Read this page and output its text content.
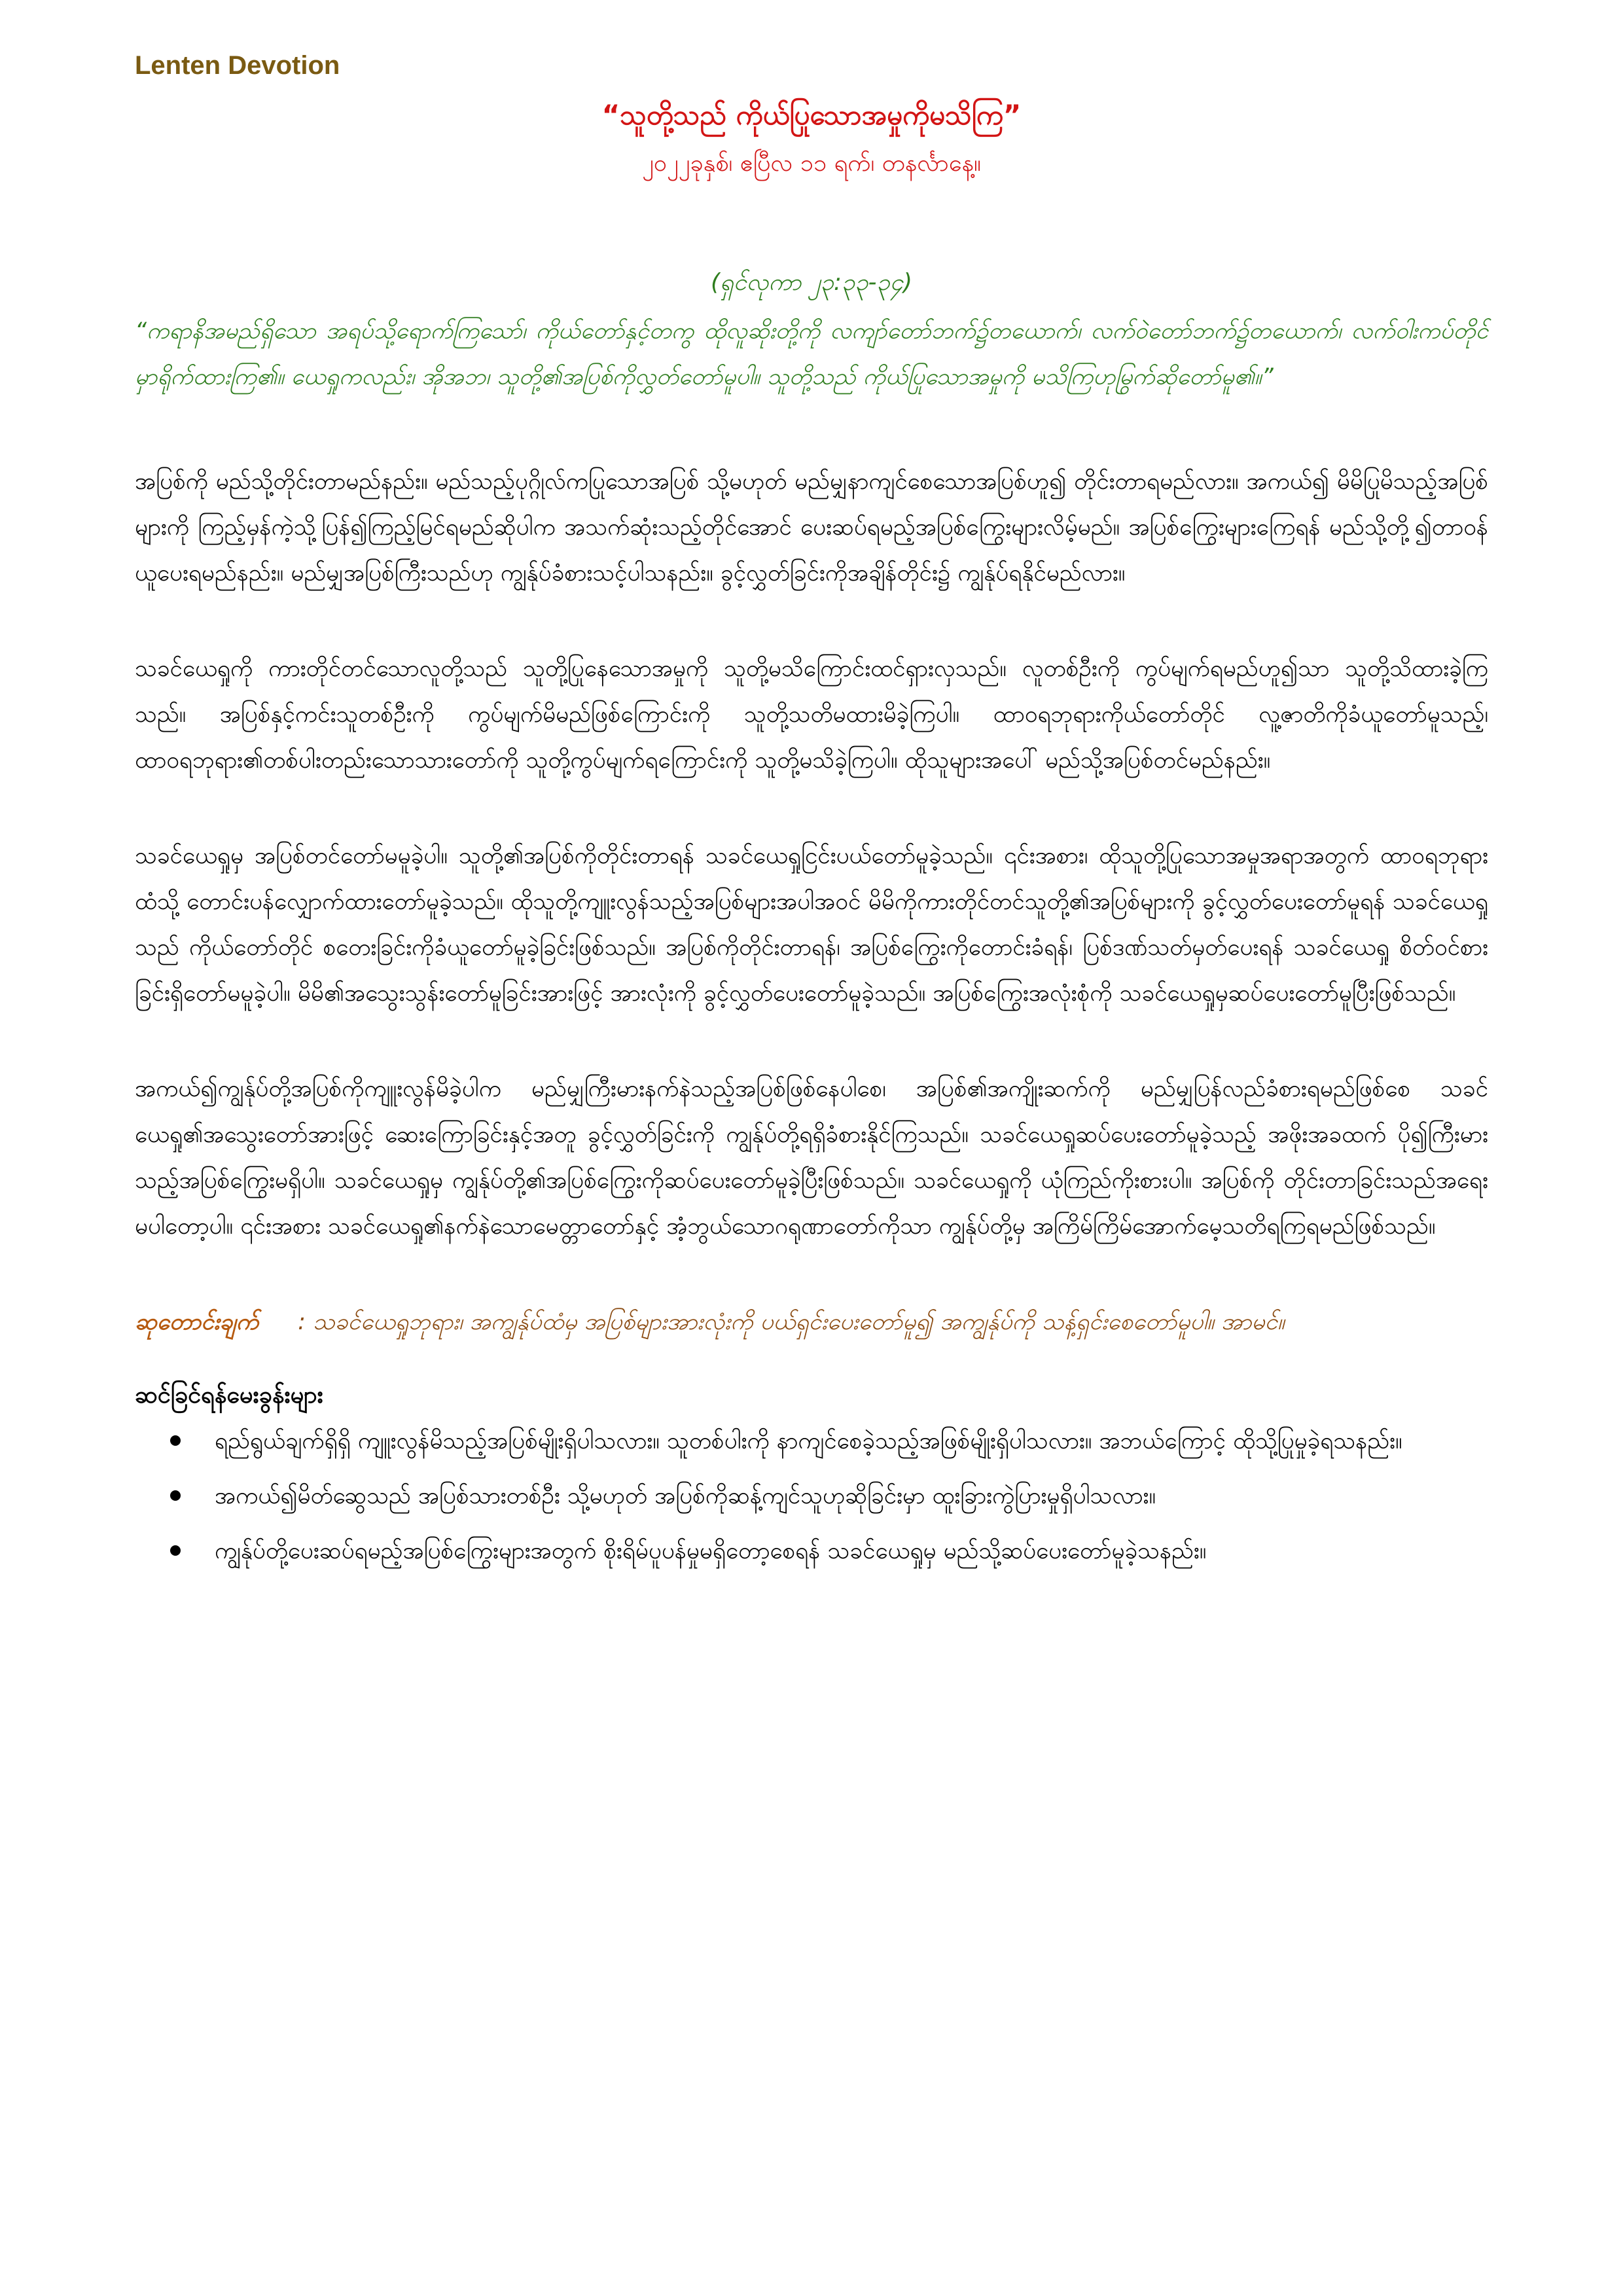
Lenten Devotion
“သူတို့သည် ကိုယ်ပြုသောအမှုကိုမသိကြ”
၂၀၂၂ခုနှစ်၊ ဧပြီလ ၁၁ ရက်၊ တနင်္လာနေ့။
(ရှင်လုကာ ၂၃:၃၃-၃၄)
“ကရာနိအမည်ရှိသော အရပ်သို့ရောက်ကြသော်၊ ကိုယ်တော်နှင့်တကွ ထိုလူဆိုးတို့ကို လကျာ်တော်ဘက်၌တယောက်၊ လက်ဝဲတော်ဘက်၌တယောက်၊ လက်ဝါးကပ်တိုင်မှာရိုက်ထားကြ၏။ ယေရှုကလည်း၊ အိုအဘ၊ သူတို့၏အပြစ်ကိုလွှတ်တော်မူပါ။ သူတို့သည် ကိုယ်ပြုသောအမှုကို မသိကြဟုမြွက်ဆိုတော်မူ၏။”

အပြစ်ကို မည်သို့တိုင်းတာမည်နည်း။ မည်သည့်ပုဂ္ဂိုလ်ကပြုသောအပြစ် သို့မဟုတ် မည်မျှနာကျင်စေသောအပြစ်ဟူ၍ တိုင်းတာရမည်လား။ အကယ်၍ မိမိပြုမိသည့်အပြစ်များကို ကြည့်မှန်ကဲ့သို့ပြန်၍ကြည့်မြင်ရမည်ဆိုပါက အသက်ဆုံးသည့်တိုင်အောင် ပေးဆပ်ရမည့်အပြစ်ကြွေးများလိမ့်မည်။ အပြစ်ကြွေးများကြေရန် မည်သို့တို့၍တာဝန်ယူပေးရမည်နည်း။ မည်မျှအပြစ်ကြီးသည်ဟု ကျွန်ုပ်ခံစားသင့်ပါသနည်း။ ခွင့်လွှတ်ခြင်းကိုအချိန်တိုင်း၌ ကျွန်ုပ်ရနိုင်မည်လား။

သခင်ယေရှုကို ကားတိုင်တင်သောလူတို့သည် သူတို့ပြုနေသောအမှုကို သူတို့မသိကြောင်းထင်ရှားလှသည်။ လူတစ်ဦးကို ကွပ်မျက်ရမည်ဟူ၍သာ သူတို့သိထားခဲ့ကြသည်။ အပြစ်နှင့်ကင်းသူတစ်ဦးကို ကွပ်မျက်မိမည်ဖြစ်ကြောင်းကို သူတို့သတိမထားမိခဲ့ကြပါ။ ထာဝရဘုရားကိုယ်တော်တိုင် လူ့ဇာတိကိုခံယူတော်မူသည့်၊ ထာဝရဘုရား၏တစ်ပါးတည်းသောသားတော်ကို သူတို့ကွပ်မျက်ရကြောင်းကို သူတို့မသိခဲ့ကြပါ။ ထိုသူများအပေါ် မည်သို့အပြစ်တင်မည်နည်း။

သခင်ယေရှုမှ အပြစ်တင်တော်မမူခဲ့ပါ။ သူတို့၏အပြစ်ကိုတိုင်းတာရန် သခင်ယေရှုငြင်းပယ်တော်မူခဲ့သည်။ ၎င်းအစား၊ ထိုသူတို့ပြုသောအမှုအရာအတွက် ထာဝရဘုရားထံသို့ တောင်းပန်လျှောက်ထားတော်မူခဲ့သည်။ ထိုသူတို့ကျူးလွန်သည့်အပြစ်များအပါအဝင် မိမိကိုကားတိုင်တင်သူတို့၏အပြစ်များကို ခွင့်လွှတ်ပေးတော်မူရန် သခင်ယေရှုသည် ကိုယ်တော်တိုင် စတေးခြင်းကိုခံယူတော်မူခဲ့ခြင်းဖြစ်သည်။ အပြစ်ကိုတိုင်းတာရန်၊ အပြစ်ကြွေးကိုတောင်းခံရန်၊ ပြစ်ဒဏ်သတ်မှတ်ပေးရန် သခင်ယေရှု စိတ်ဝင်စားခြင်းရှိတော်မမူခဲ့ပါ။ မိမိ၏အသွေးသွန်းတော်မူခြင်းအားဖြင့် အားလုံးကို ခွင့်လွှတ်ပေးတော်မူခဲ့သည်။ အပြစ်ကြွေးအလုံးစုံကို သခင်ယေရှုမှဆပ်ပေးတော်မူပြီးဖြစ်သည်။

အကယ်၍ကျွန်ုပ်တို့အပြစ်ကိုကျူးလွန်မိခဲ့ပါက မည်မျှကြီးမားနက်နဲသည့်အပြစ်ဖြစ်နေပါစေ၊ အပြစ်၏အကျိုးဆက်ကို မည်မျှပြန်လည်ခံစားရမည်ဖြစ်စေ သခင်ယေရှု၏အသွေးတော်အားဖြင့် ဆေးကြောခြင်းနှင့်အတူ ခွင့်လွှတ်ခြင်းကို ကျွန်ုပ်တို့ရရှိခံစားနိုင်ကြသည်။ သခင်ယေရှုဆပ်ပေးတော်မူခဲ့သည့် အဖိုးအခထက် ပို၍ကြီးမားသည့်အပြစ်ကြွေးမရှိပါ။ သခင်ယေရှုမှ ကျွန်ုပ်တို့၏အပြစ်ကြွေးကိုဆပ်ပေးတော်မူခဲ့ပြီးဖြစ်သည်။ သခင်ယေရှုကို ယုံကြည်ကိုးစားပါ။ အပြစ်ကို တိုင်းတာခြင်းသည်အရေးမပါတော့ပါ။ ၎င်းအစား သခင်ယေရှု၏နက်နဲသောမေတ္တာတော်နှင့် အံ့ဘွယ်သောဂရုဏာတော်ကိုသာ ကျွန်ုပ်တို့မှ အကြိမ်ကြိမ်အောက်မေ့သတိရကြရမည်ဖြစ်သည်။

ဆုတောင်းချက် : သခင်ယေရှုဘုရား၊ အကျွန်ုပ်ထံမှ အပြစ်များအားလုံးကို ပယ်ရှင်းပေးတော်မူ၍ အကျွန်ုပ်ကို သန့်ရှင်းစေတော်မူပါ။ အာမင်။
ဆင်ခြင်ရန်မေးခွန်းများ
ရည်ရွယ်ချက်ရှိရှိ ကျူးလွန်မိသည့်အပြစ်မျိုးရှိပါသလား။ သူတစ်ပါးကို နာကျင်စေခဲ့သည့်အဖြစ်မျိုးရှိပါသလား။ အဘယ်ကြောင့် ထိုသို့ပြုမှုခဲ့ရသနည်း။
အကယ်၍မိတ်ဆွေသည် အပြစ်သားတစ်ဦး သို့မဟုတ် အပြစ်ကိုဆန့်ကျင်သူဟုဆိုခြင်းမှာ ထူးခြားကွဲပြားမှုရှိပါသလား။
ကျွန်ုပ်တို့ပေးဆပ်ရမည့်အပြစ်ကြွေးများအတွက် စိုးရိမ်ပူပန်မှုမရှိတော့စေရန် သခင်ယေရှုမှ မည်သို့ဆပ်ပေးတော်မူခဲ့သနည်း။
